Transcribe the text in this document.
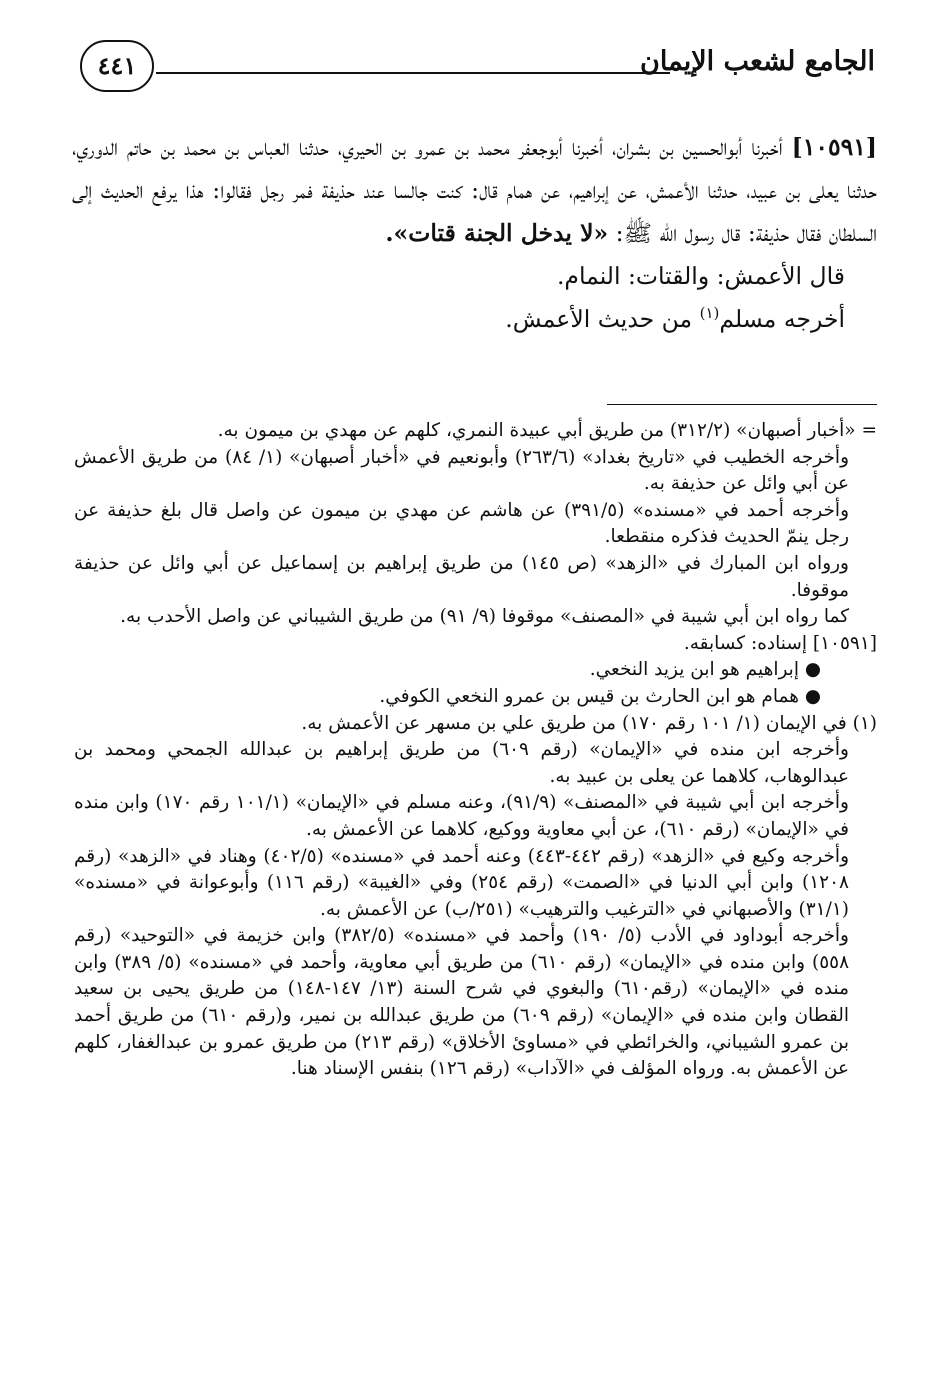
الجامع لشعب الإيمان
٤٤١

[١٠٥٩١] أخبرنا أبوالحسين بن بشران، أخبرنا أبوجعفر محمد بن عمرو بن الحيري، حدثنا العباس بن محمد بن حاتم الدوري، حدثنا يعلى بن عبيد، حدثنا الأعمش، عن إبراهيم، عن همام قال: كنت جالسا عند حذيفة فمر رجل فقالوا: هذا يرفع الحديث إلى السلطان فقال حذيفة: قال رسول الله ﷺ: «لا يدخل الجنة قتات».

قال الأعمش: والقتات: النمام.

أخرجه مسلم$^{(١)}$ من حديث الأعمش.

= «أخبار أصبهان» (٣١٢/٢) من طريق أبي عبيدة النمري، كلهم عن مهدي بن ميمون به.

وأخرجه الخطيب في «تاريخ بغداد» (٢٦٣/٦) وأبونعيم في «أخبار أصبهان» (١/ ٨٤) من طريق الأعمش عن أبي وائل عن حذيفة به.

وأخرجه أحمد في «مسنده» (٣٩١/٥) عن هاشم عن مهدي بن ميمون عن واصل قال بلغ حذيفة عن رجل ينمّ الحديث فذكره منقطعا.

ورواه ابن المبارك في «الزهد» (ص ١٤٥) من طريق إبراهيم بن إسماعيل عن أبي وائل عن حذيفة موقوفا.

كما رواه ابن أبي شيبة في «المصنف» موقوفا (٩/ ٩١) من طريق الشيباني عن واصل الأحدب به.

[١٠٥٩١] إسناده: كسابقه.

● إبراهيم هو ابن يزيد النخعي.

● همام هو ابن الحارث بن قيس بن عمرو النخعي الكوفي.

(١) في الإيمان (١/ ١٠١ رقم ١٧٠) من طريق علي بن مسهر عن الأعمش به.

وأخرجه ابن منده في «الإيمان» (رقم ٦٠٩) من طريق إبراهيم بن عبدالله الجمحي ومحمد بن عبدالوهاب، كلاهما عن يعلى بن عبيد به.

وأخرجه ابن أبي شيبة في «المصنف» (٩١/٩)، وعنه مسلم في «الإيمان» (١٠١/١ رقم ١٧٠) وابن منده في «الإيمان» (رقم ٦١٠)، عن أبي معاوية ووكيع، كلاهما عن الأعمش به.

وأخرجه وكيع في «الزهد» (رقم ٤٤٢-٤٤٣) وعنه أحمد في «مسنده» (٤٠٢/٥) وهناد في «الزهد» (رقم ١٢٠٨) وابن أبي الدنيا في «الصمت» (رقم ٢٥٤) وفي «الغيبة» (رقم ١١٦) وأبوعوانة في «مسنده» (٣١/١) والأصبهاني في «الترغيب والترهيب» (٢٥١/ب) عن الأعمش به.

وأخرجه أبوداود في الأدب (٥/ ١٩٠) وأحمد في «مسنده» (٣٨٢/٥) وابن خزيمة في «التوحيد» (رقم ٥٥٨) وابن منده في «الإيمان» (رقم ٦١٠) من طريق أبي معاوية، وأحمد في «مسنده» (٥/ ٣٨٩) وابن منده في «الإيمان» (رقم٦١٠) والبغوي في شرح السنة (١٣/ ١٤٧-١٤٨) من طريق يحيى بن سعيد القطان وابن منده في «الإيمان» (رقم ٦٠٩) من طريق عبدالله بن نمير، و(رقم ٦١٠) من طريق أحمد بن عمرو الشيباني، والخرائطي في «مساوئ الأخلاق» (رقم ٢١٣) من طريق عمرو بن عبدالغفار، كلهم عن الأعمش به. ورواه المؤلف في «الآداب» (رقم ١٢٦) بنفس الإسناد هنا.
